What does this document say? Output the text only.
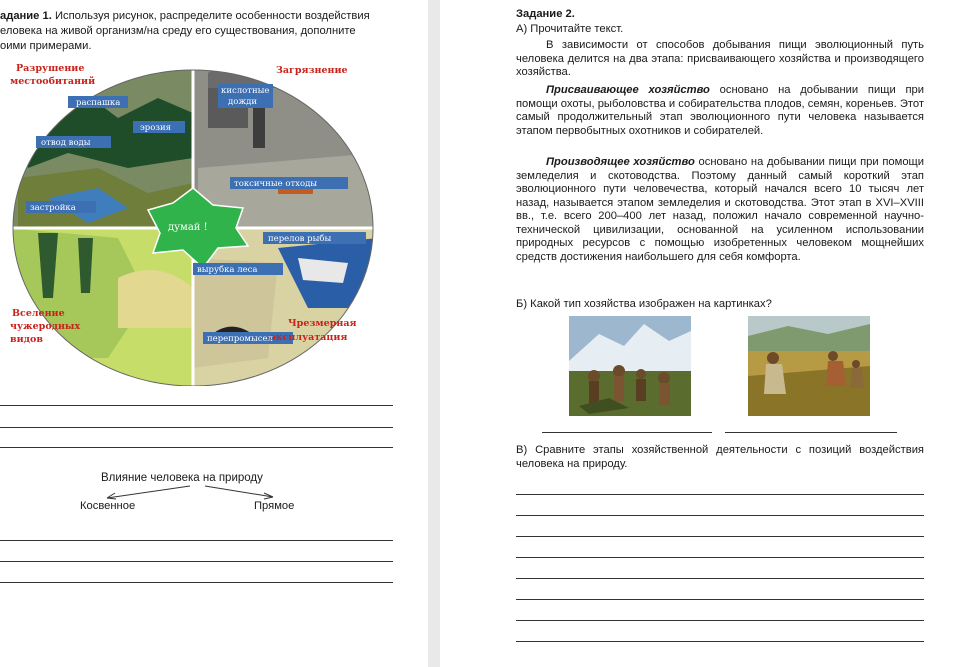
адание 1. Используя рисунок, распределите особенности воздействия
еловека на живой организм/на среду его существования, дополните
оими примерами.
думай !
распашка
эрозия
отвод воды
застройка
кислотные
дожди
токсичные отходы
перелов рыбы
вырубка леса
перепромысел
Разрушение
местообитаний
Загрязнение
Вселение
чужеродных
видов
Чрезмерная
эксплуатация
Влияние человека на природу
Косвенное	Прямое
Задание 2.
А) Прочитайте текст.
В зависимости от способов добывания пищи эволюционный путь человека делится на два этапа: присваивающего хозяйства и производящего хозяйства.
Присваивающее хозяйство основано на добывании пищи при помощи охоты, рыболовства и собирательства плодов, семян, кореньев. Этот самый продолжительный этап эволюционного пути человека называется этапом первобытных охотников и собирателей.
Производящее хозяйство основано на добывании пищи при помощи земледелия и скотоводства. Поэтому данный самый короткий этап эволюционного пути человечества, который начался всего 10 тысяч лет назад, называется этапом земледелия и скотоводства. Этот этап в XVI–XVIII вв., т.е. всего 200–400 лет назад, положил начало современной научно-технической цивилизации, основанной на усиленном использовании природных ресурсов с помощью изобретенных человеком мощнейших средств достижения наибольшего для себя комфорта.
Б) Какой тип хозяйства изображен на картинках?
В) Сравните этапы хозяйственной деятельности с позиций воздействия человека на природу.
